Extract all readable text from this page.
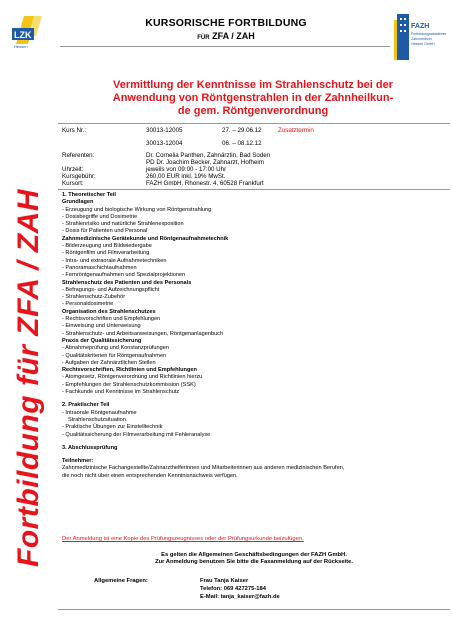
LZK
Hessen
KURSORISCHE FORTBILDUNG
FÜR ZFA / ZAH
FAZH
Fortbildungsakademie
Zahnmedizin
Hessen GmbH
Fortbildung für ZFA / ZAH
Vermittlung der Kenntnisse im Strahlenschutz bei der
Anwendung von Röntgenstrahlen in der Zahnheilkun-
de gem. Röntgenverordnung
Kurs Nr.:	30013-12005	27. – 29.06.12	Zusatztermin
30013-12004	06. – 08.12.12
Referenten:	Dr. Cornelia Panthen, Zahnärztin, Bad Soden
PD Dr. Joachim Becker, Zahnarzt, Hofheim
Uhrzeit:	jeweils von 09:00 - 17:00 Uhr
Kursgebühr:	260,00 EUR inkl. 19% MwSt.
Kursort:	FAZH GmbH, Rhonestr. 4, 60528 Frankfurt
1. Theoretischer Teil
Grundlagen
- Erzeugung und biologische Wirkung von Röntgenstrahlung
- Dosisbegriffe und Dosimetrie
- Strahlenrisiko und natürliche Strahlenexposition
- Dosis für Patienten und Personal
Zahnmedizinische Gerätekunde und Röntgenaufnahmetechnik
- Bilderzeugung und Bildwiedergabe
- Röntgenfilm und Filmverarbeitung
- Intra- und extraorale Aufnahmetechniken
- Panoramaschichtaufnahmen
- Fernröntgenaufnahmen und Spezialprojektionen
Strahlenschutz des Patienten und des Personals
- Befragungs- und Aufzeichnungspflicht
- Strahlenschutz-Zubehör
- Personaldosimetrie
Organisation des Strahlenschutzes
- Rechtsvorschriften und Empfehlungen
- Einweisung und Unterweisung
- Strahlenschutz- und Arbeitsanweisungen, Röntgenanlagenbuch
Praxis der Qualitätssicherung
- Abnahmeprüfung und Konstanzprüfungen
- Qualitätskriterien für Röntgenaufnahmen
- Aufgaben der Zahnärztlichen Stellen
Rechtsvorschriften, Richtlinien und Empfehlungen
- Atomgesetz, Röntgenverordnung und Richtlinien hierzu
- Empfehlungen der Strahlenschutzkommission (SSK)
- Fachkunde und Kenntnisse im Strahlenschutz
2. Praktischer Teil
- Intraorale Röntgenaufnahme
Strahlenschutzsituation
- Praktische Übungen zur Einstelltechnik
- Qualitätssicherung der Filmverarbeitung mit Fehleranalyse
3. Abschlussprüfung
Teilnehmer:
Zahnmedizinische Fachangestellte/Zahnarzthelferinnen und Mitarbeiterinnen aus anderen medizinischen Berufen,
die noch nicht über einen entsprechenden Kenntnisnachweis verfügen.
Der Anmeldung ist eine Kopie des Prüfungszeugnisses oder der Prüfungsurkunde beizufügen.
Es gelten die Allgemeinen Geschäftsbedingungen der FAZH GmbH.
Zur Anmeldung benutzen Sie bitte die Faxanmeldung auf der Rückseite.
Allgemeine Fragen:	Frau Tanja Kaiser
Telefon: 069 427275-184
E-Mail: tanja_kaiser@fazh.de
